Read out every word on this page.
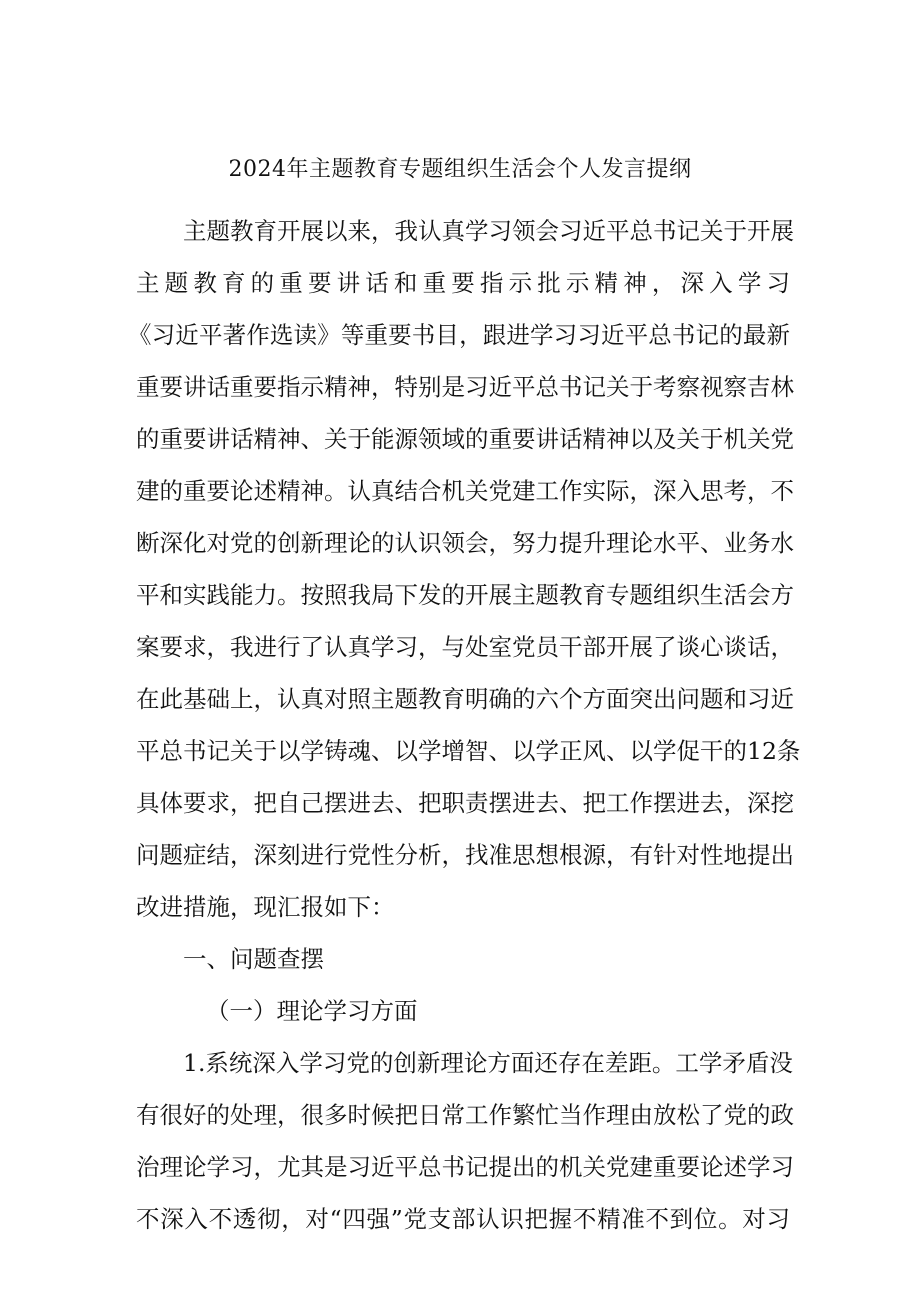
2024年主题教育专题组织生活会个人发言提纲
主题教育开展以来，我认真学习领会习近平总书记关于开展
主题教育的重要讲话和重要指示批示精神，深入学习
《习近平著作选读》等重要书目，跟进学习习近平总书记的最新
重要讲话重要指示精神，特别是习近平总书记关于考察视察吉林
的重要讲话精神、关于能源领域的重要讲话精神以及关于机关党
建的重要论述精神。认真结合机关党建工作实际，深入思考，不
断深化对党的创新理论的认识领会，努力提升理论水平、业务水
平和实践能力。按照我局下发的开展主题教育专题组织生活会方
案要求，我进行了认真学习，与处室党员干部开展了谈心谈话，
在此基础上，认真对照主题教育明确的六个方面突出问题和习近
平总书记关于以学铸魂、以学增智、以学正风、以学促干的12条
具体要求，把自己摆进去、把职责摆进去、把工作摆进去，深挖
问题症结，深刻进行党性分析，找准思想根源，有针对性地提出
改进措施，现汇报如下：
一、问题查摆
（一）理论学习方面
1.系统深入学习党的创新理论方面还存在差距。工学矛盾没
有很好的处理，很多时候把日常工作繁忙当作理由放松了党的政
治理论学习，尤其是习近平总书记提出的机关党建重要论述学习
不深入不透彻，对“四强”党支部认识把握不精准不到位。对习
